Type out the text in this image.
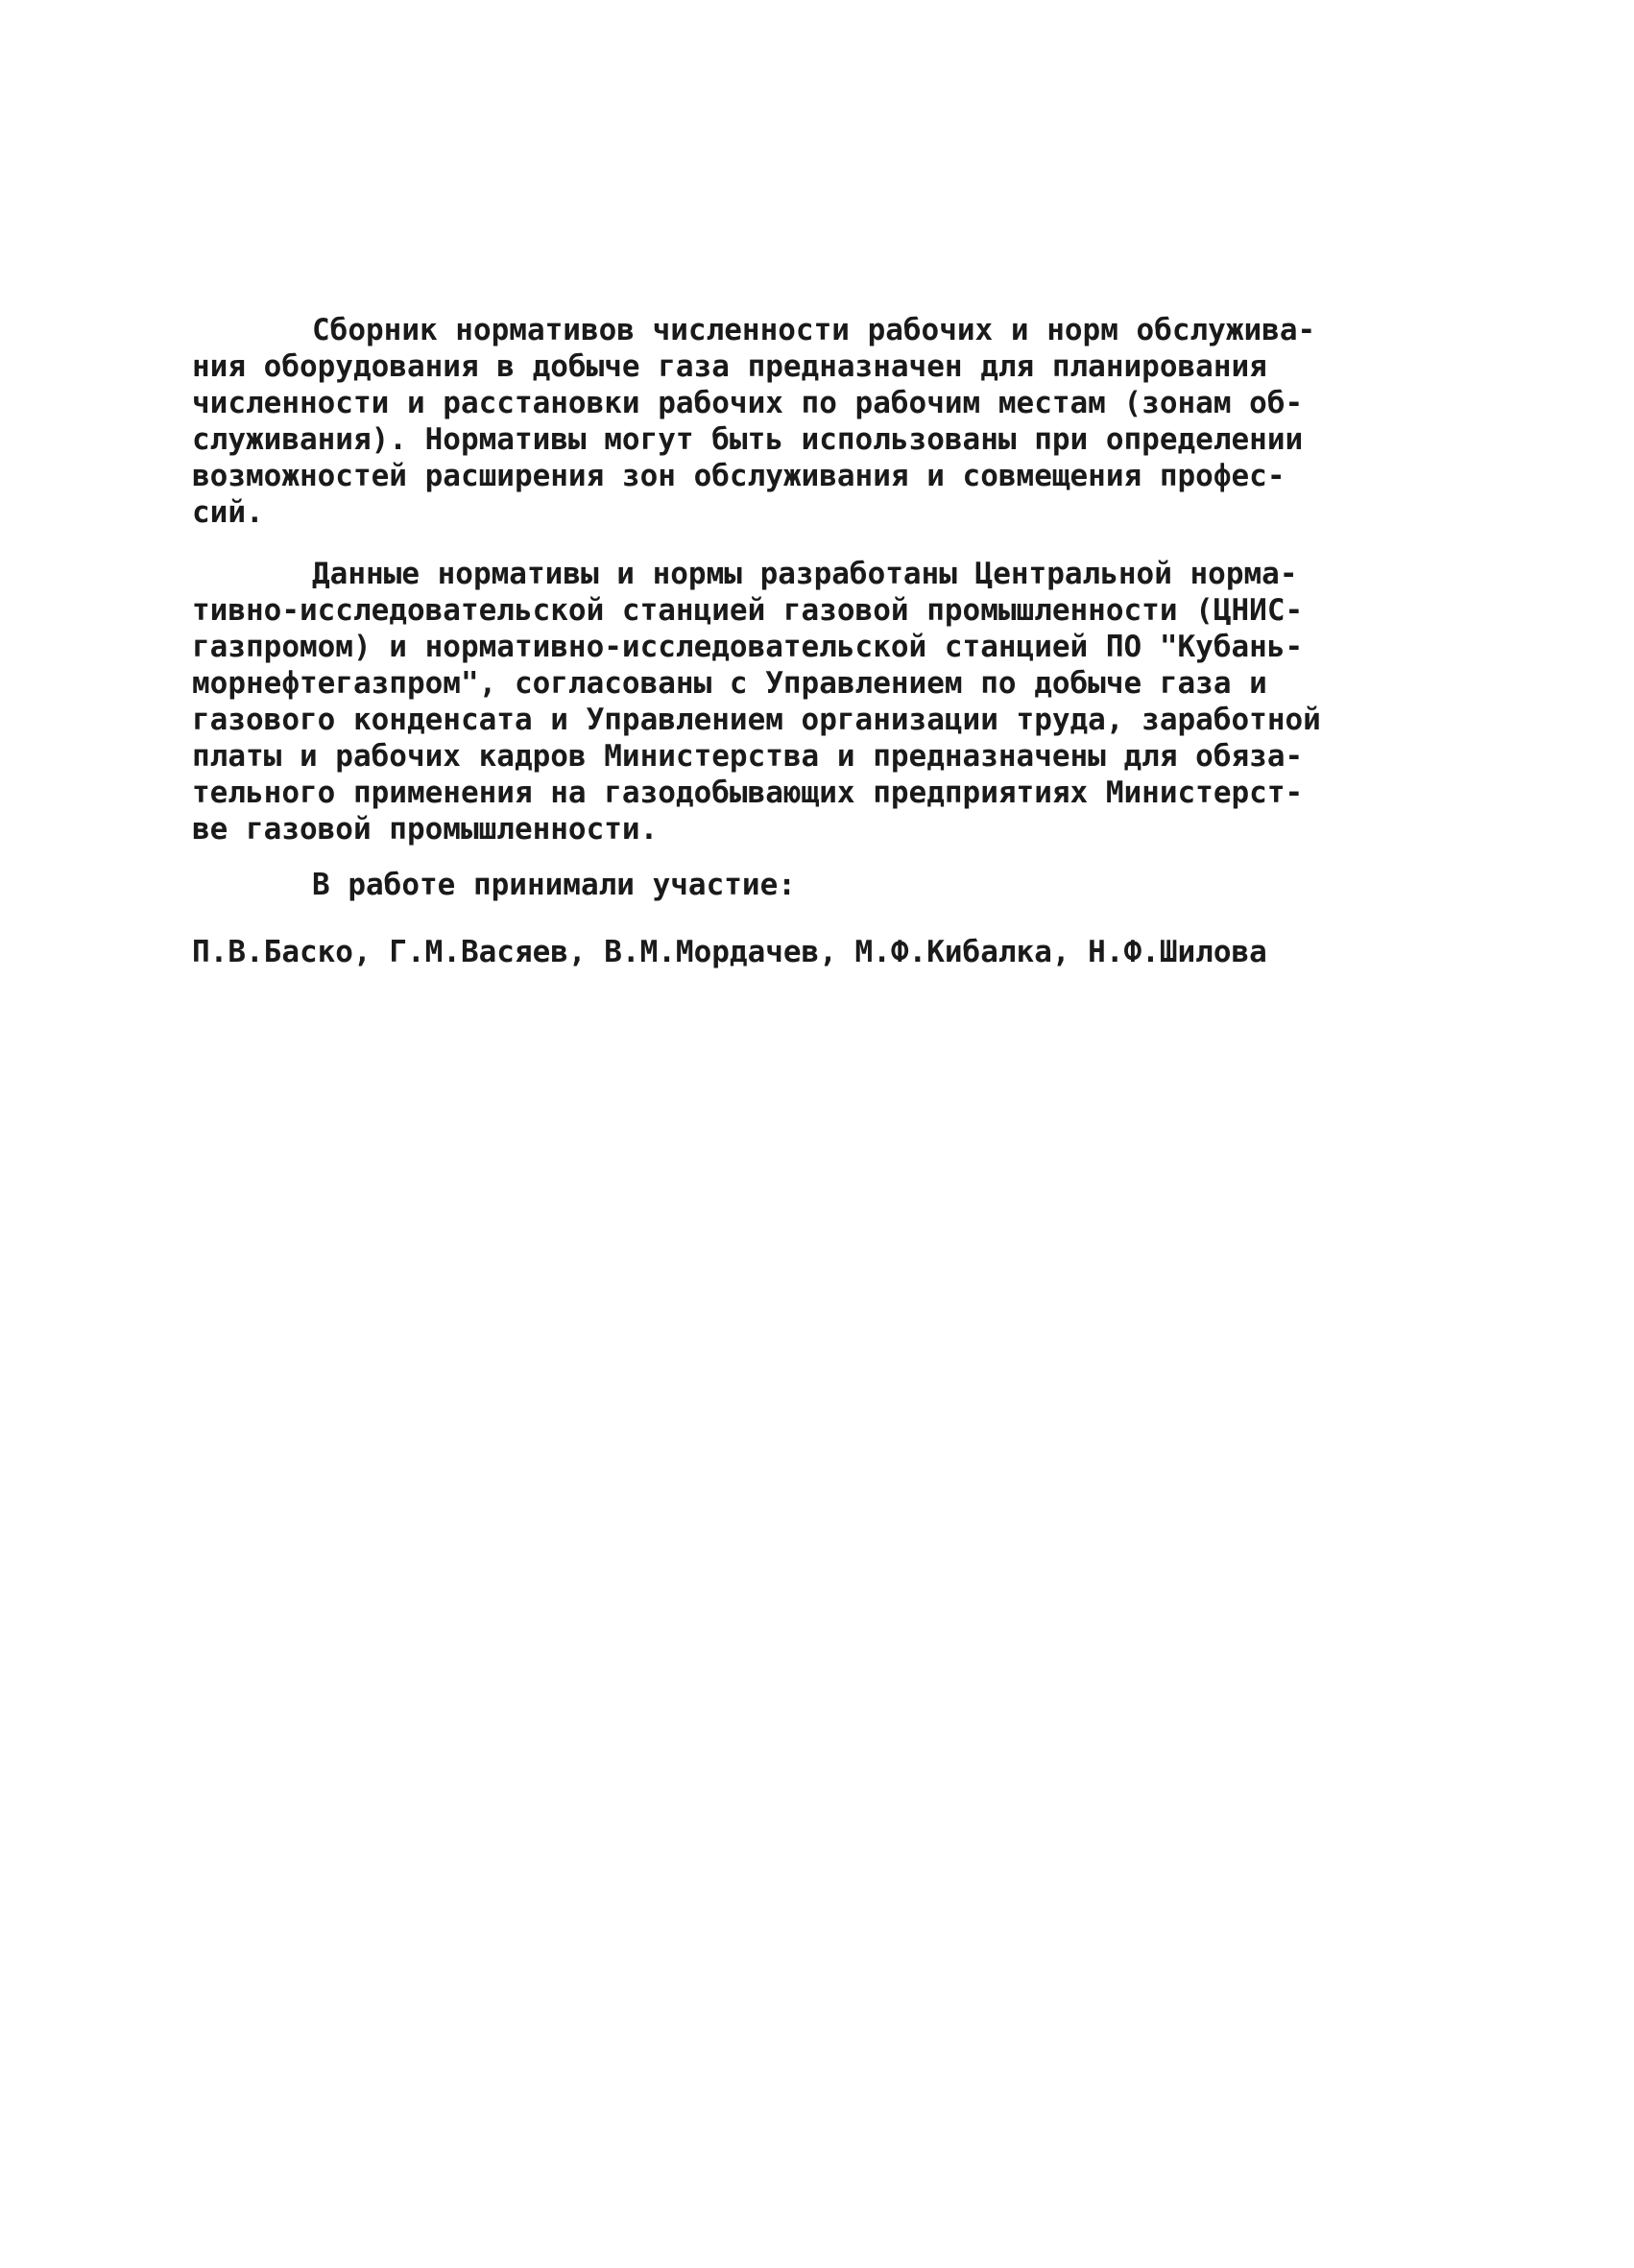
Сборник нормативов численности рабочих и норм обслужива-
ния оборудования в добыче газа предназначен для планирования
численности и расстановки рабочих по рабочим местам (зонам об-
служивания). Нормативы могут быть использованы при определении
возможностей расширения зон обслуживания и совмещения профес-
сий.
Данные нормативы и нормы разработаны Центральной норма-
тивно-исследовательской станцией газовой промышленности (ЦНИС-
газпромом) и нормативно-исследовательской станцией ПО "Кубань-
морнефтегазпром", согласованы с Управлением по добыче газа и
газового конденсата и Управлением организации труда, заработной
платы и рабочих кадров Министерства и предназначены для обяза-
тельного применения на газодобывающих предприятиях Министерст-
ве газовой промышленности.
В работе принимали участие:
П.В.Баско, Г.М.Васяев, В.М.Мордачев, М.Ф.Кибалка, Н.Ф.Шилова
